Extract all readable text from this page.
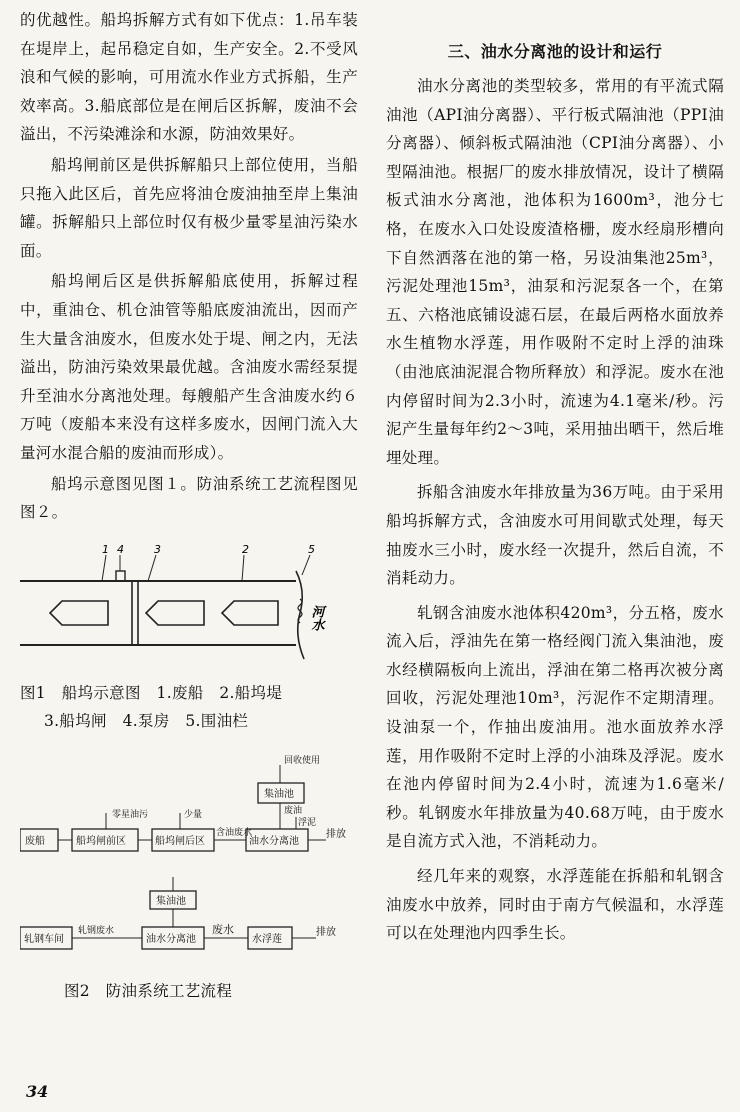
的优越性。船坞拆解方式有如下优点：1.吊车装在堤岸上，起吊稳定自如，生产安全。2.不受风浪和气候的影响，可用流水作业方式拆船，生产效率高。3.船底部位是在闸后区拆解，废油不会溢出，不污染滩涂和水源，防油效果好。

船坞闸前区是供拆解船只上部位使用，当船只拖入此区后，首先应将油仓废油抽至岸上集油罐。拆解船只上部位时仅有极少量零星油污染水面。

船坞闸后区是供拆解船底使用，拆解过程中，重油仓、机仓油管等船底废油流出，因而产生大量含油废水，但废水处于堤、闸之内，无法溢出，防油污染效果最优越。含油废水需经泵提升至油水分离池处理。每艘船产生含油废水约６万吨（废船本来没有这样多废水，因闸门流入大量河水混合船的废油而形成）。

船坞示意图见图１。防油系统工艺流程图见图２。

1 4	3	2	5
河水

图1　船坞示意图　1.废船　2.船坞堤

3.船坞闸　4.泵房　5.围油栏

废船	船坞闸前区	船坞闸后区	油水分离池
集油池
零星油污	少量
含油废水
回收使用
废油
浮泥
排放
轧钢车间	油水分离池	水浮莲
集油池
轧钢废水	废水	排放

图2　防油系统工艺流程

34
三、油水分离池的设计和运行

油水分离池的类型较多，常用的有平流式隔油池（API油分离器）、平行板式隔油池（PPI油分离器）、倾斜板式隔油池（CPI油分离器）、小型隔油池。根据厂的废水排放情况，设计了横隔板式油水分离池，池体积为1600m³，池分七格，在废水入口处设废渣格栅，废水经扇形槽向下自然洒落在池的第一格，另设油集池25m³，污泥处理池15m³，油泵和污泥泵各一个，在第五、六格池底铺设滤石层，在最后两格水面放养水生植物水浮莲，用作吸附不定时上浮的油珠（由池底油泥混合物所释放）和浮泥。废水在池内停留时间为2.3小时，流速为4.1毫米/秒。污泥产生量每年约2～3吨，采用抽出晒干，然后堆埋处理。

拆船含油废水年排放量为36万吨。由于采用船坞拆解方式，含油废水可用间歇式处理，每天抽废水三小时，废水经一次提升，然后自流，不消耗动力。

轧钢含油废水池体积420m³，分五格，废水流入后，浮油先在第一格经阀门流入集油池，废水经横隔板向上流出，浮油在第二格再次被分离回收，污泥处理池10m³，污泥作不定期清理。设油泵一个，作抽出废油用。池水面放养水浮莲，用作吸附不定时上浮的小油珠及浮泥。废水在池内停留时间为2.4小时，流速为1.6毫米/秒。轧钢废水年排放量为40.68万吨，由于废水是自流方式入池，不消耗动力。

经几年来的观察，水浮莲能在拆船和轧钢含油废水中放养，同时由于南方气候温和，水浮莲可以在处理池内四季生长。
